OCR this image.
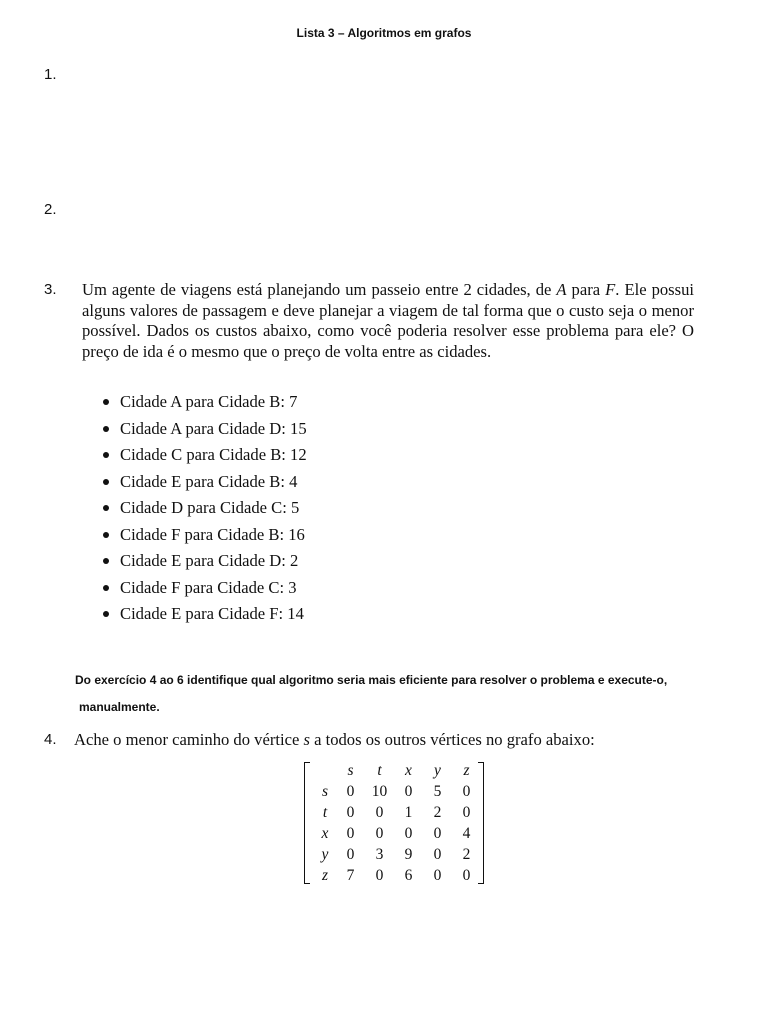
Lista 3 – Algoritmos em grafos
1.
2.
3. Um agente de viagens está planejando um passeio entre 2 cidades, de A para F. Ele possui alguns valores de passagem e deve planejar a viagem de tal forma que o custo seja o menor possível. Dados os custos abaixo, como você poderia resolver esse problema para ele? O preço de ida é o mesmo que o preço de volta entre as cidades.
Cidade A para Cidade B: 7
Cidade A para Cidade D: 15
Cidade C para Cidade B: 12
Cidade E para Cidade B: 4
Cidade D para Cidade C: 5
Cidade F para Cidade B: 16
Cidade E para Cidade D: 2
Cidade F para Cidade C: 3
Cidade E para Cidade F: 14
Do exercício 4 ao 6 identifique qual algoritmo seria mais eficiente para resolver o problema e execute-o,
manualmente.
4. Ache o menor caminho do vértice s a todos os outros vértices no grafo abaixo:
	s	t	x	y	z
s	0	10	0	5	0
t	0	0	1	2	0
x	0	0	0	0	4
y	0	3	9	0	2
z	7	0	6	0	0
